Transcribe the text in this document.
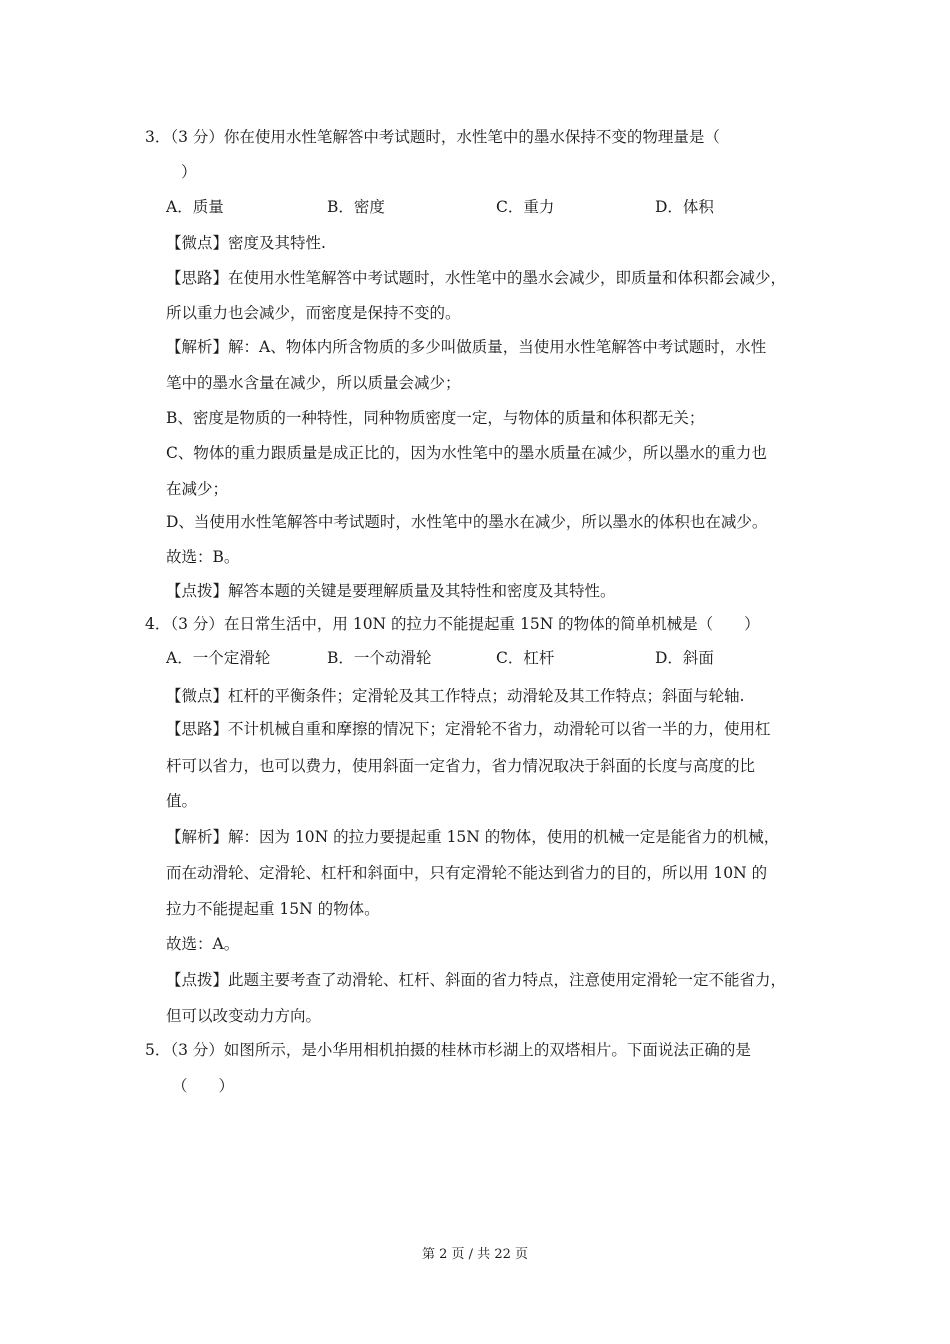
3．（3 分）你在使用水性笔解答中考试题时，水性笔中的墨水保持不变的物理量是（
）
A．质量	B．密度	C．重力	D．体积
【微点】密度及其特性.
【思路】在使用水性笔解答中考试题时，水性笔中的墨水会减少，即质量和体积都会减少，
所以重力也会减少，而密度是保持不变的。
【解析】解：A、物体内所含物质的多少叫做质量，当使用水性笔解答中考试题时，水性
笔中的墨水含量在减少，所以质量会减少；
B、密度是物质的一种特性，同种物质密度一定，与物体的质量和体积都无关；
C、物体的重力跟质量是成正比的，因为水性笔中的墨水质量在减少，所以墨水的重力也
在减少；
D、当使用水性笔解答中考试题时，水性笔中的墨水在减少，所以墨水的体积也在减少。
故选：B。
【点拨】解答本题的关键是要理解质量及其特性和密度及其特性。
4．（3 分）在日常生活中，用 10N 的拉力不能提起重 15N 的物体的简单机械是（　　）
A．一个定滑轮	B．一个动滑轮	C．杠杆	D．斜面
【微点】杠杆的平衡条件；定滑轮及其工作特点；动滑轮及其工作特点；斜面与轮轴.
【思路】不计机械自重和摩擦的情况下；定滑轮不省力，动滑轮可以省一半的力，使用杠
杆可以省力，也可以费力，使用斜面一定省力，省力情况取决于斜面的长度与高度的比
值。
【解析】解：因为 10N 的拉力要提起重 15N 的物体，使用的机械一定是能省力的机械，
而在动滑轮、定滑轮、杠杆和斜面中，只有定滑轮不能达到省力的目的，所以用 10N 的
拉力不能提起重 15N 的物体。
故选：A。
【点拨】此题主要考查了动滑轮、杠杆、斜面的省力特点，注意使用定滑轮一定不能省力，
但可以改变动力方向。
5．（3 分）如图所示，是小华用相机拍摄的桂林市杉湖上的双塔相片。下面说法正确的是
（　　）
第 2 页 / 共 22 页
